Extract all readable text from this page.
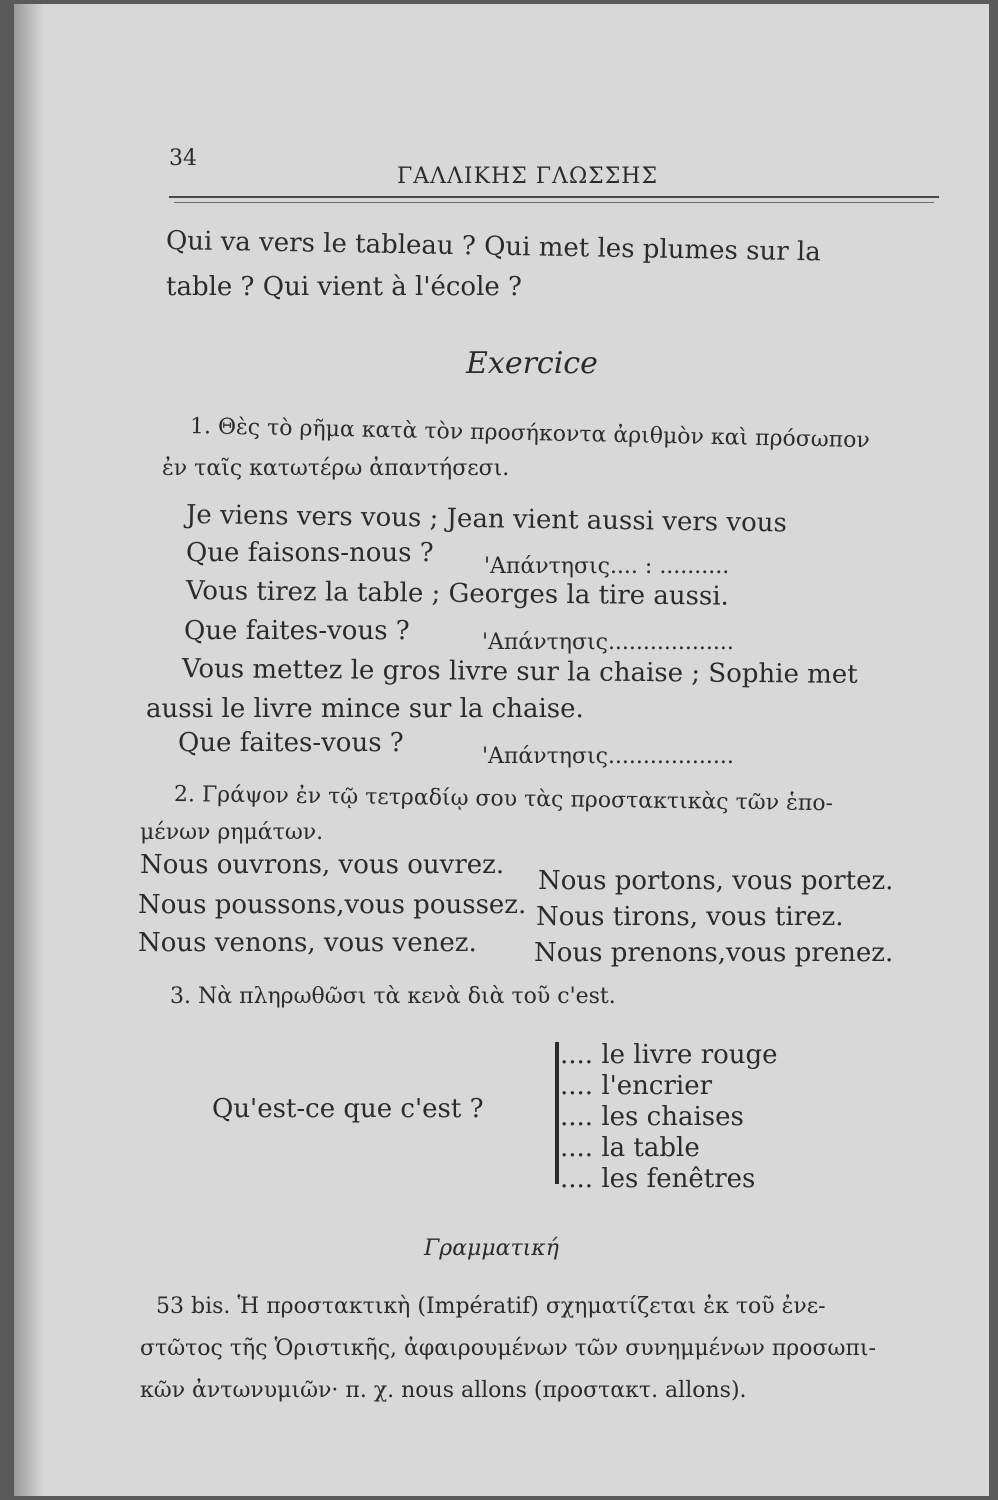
34
ΓΑΛΛΙΚΗΣ ΓΛΩΣΣΗΣ
Qui va vers le tableau ? Qui met les plumes sur la
table ? Qui vient à l'école ?
Exercice
1. Θὲς τὸ ρῆμα κατὰ τὸν προσήκοντα ἀριθμὸν καὶ πρόσωπον
ἐν ταῖς κατωτέρω ἀπαντήσεσι.
Je viens vers vous ; Jean vient aussi vers vous
Que faisons-nous ? 'Απάντησις.... : ..........
Vous tirez la table ; Georges la tire aussi.
Que faites-vous ?	'Απάντησις..................
Vous mettez le gros livre sur la chaise ; Sophie met
aussi le livre mince sur la chaise.
Que faites-vous ?	'Απάντησις..................
2. Γράψον ἐν τῷ τετραδίῳ σου τὰς προστακτικὰς τῶν ἑπο-
μένων ρημάτων.
Nous ouvrons, vous ouvrez.
Nous portons, vous portez.
Nous poussons,vous poussez. Nous tirons, vous tirez.
Nous venons, vous venez. Nous prenons,vous prenez.
3. Νὰ πληρωθῶσι τὰ κενὰ διὰ τοῦ c'est.
Qu'est-ce que c'est ?
.... le livre rouge
.... l'encrier
.... les chaises
.... la table
.... les fenêtres
Γραμματική
53 bis. Ἡ προστακτικὴ (Impératif) σχηματίζεται ἐκ τοῦ ἐνε-
στῶτος τῆς Ὁριστικῆς, ἀφαιρουμένων τῶν συνημμένων προσωπι-
κῶν ἀντωνυμιῶν· π. χ. nous allons (προστακτ. allons).
